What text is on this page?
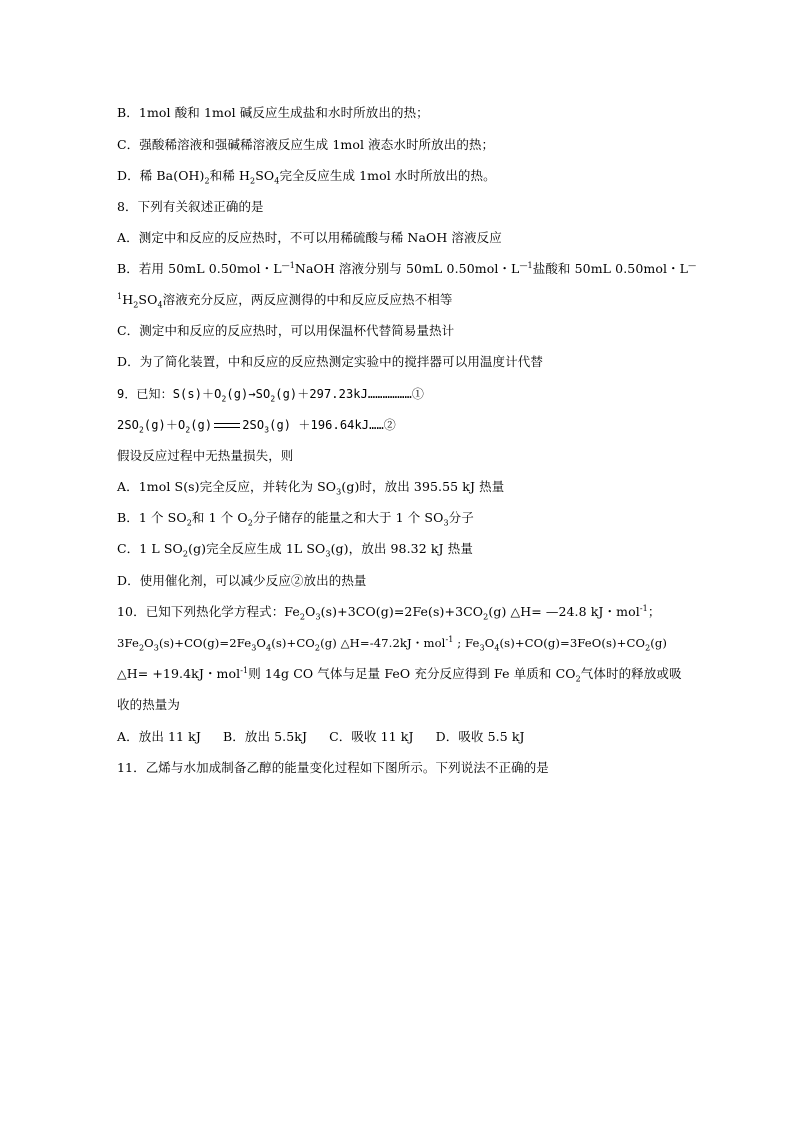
B．1mol 酸和 1mol 碱反应生成盐和水时所放出的热；
C．强酸稀溶液和强碱稀溶液反应生成 1mol 液态水时所放出的热；
D．稀 $Ba(OH)_2$和稀 $H_2SO_4$完全反应生成 1mol 水时所放出的热。
8．下列有关叙述正确的是
A．测定中和反应的反应热时，不可以用稀硫酸与稀 NaOH 溶液反应
B．若用 50mL 0.50mol・$L^{—1}NaOH$ 溶液分别与 50mL 0.50mol・$L^{—1}$盐酸和 50mL 0.50mol・L—
$^1H_2SO_4$溶液充分反应，两反应测得的中和反应反应热不相等
C．测定中和反应的反应热时，可以用保温杯代替简易量热计
D．为了简化装置，中和反应的反应热测定实验中的搅拌器可以用温度计代替
9．已知：$S(s)+O_2(g)\to SO_2(g)+297.23kJ\dots\dots\dots\dots\dots\dots ①$
$2SO_2(g)+O_2(g)$	$2SO_3(g)$ ＋196.64kJ……②
假设反应过程中无热量损失，则
A．1mol S(s)完全反应，并转化为 $SO_3(g)$时，放出 395.55 kJ 热量
B．1 个 $SO_2$和 1 个 $O_2$分子储存的能量之和大于 1 个 $SO_3$分子
C．1 L $SO_2(g)$完全反应生成 1L $SO_3(g)$，放出 98.32 kJ 热量
D．使用催化剂，可以减少反应②放出的热量
10．已知下列热化学方程式：$Fe_2O_3(s)+3CO(g)=2Fe(s)+3CO_2(g)$ △H= —24.8 kJ・mol$^{-1}$；
$3Fe_2O_3(s)+CO(g)=2Fe_3O_4(s)+CO_2(g)$ △H=-47.2kJ・mol$^{-1}$ ; $Fe_3O_4(s)+CO(g)=3FeO(s)+CO_2(g)$
△H= +19.4kJ・mol$^{-1}$则 14g CO 气体与足量 FeO 充分反应得到 Fe 单质和 $CO_2$气体时的释放或吸
收的热量为
A．放出 11 kJ B．放出 5.5kJ C．吸收 11 kJ D．吸收 5.5 kJ
11．乙烯与水加成制备乙醇的能量变化过程如下图所示。下列说法不正确的是
